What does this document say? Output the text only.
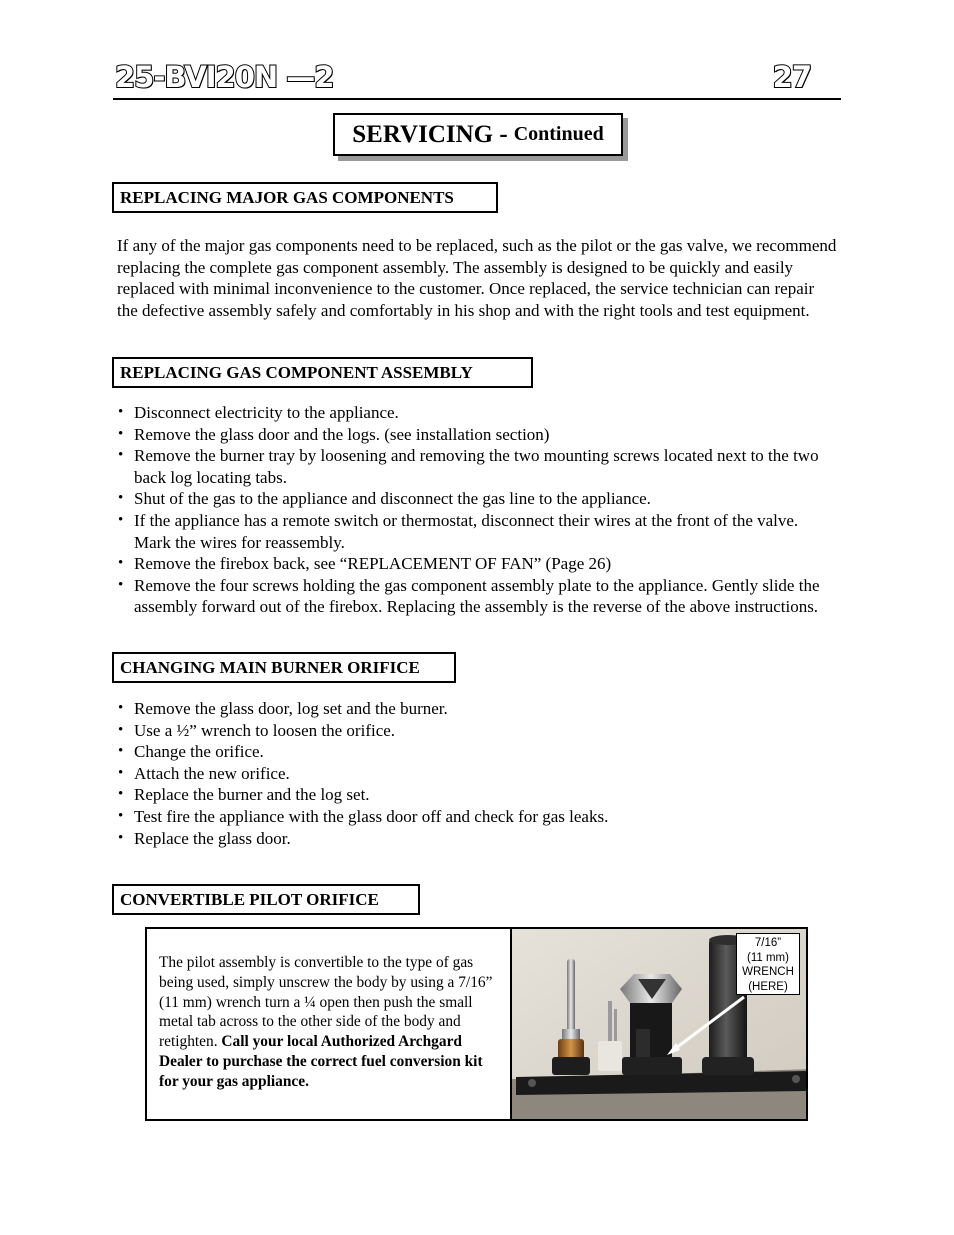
25-BVI20N —2	27
SERVICING - Continued
REPLACING MAJOR GAS COMPONENTS
If any of the major gas components need to be replaced, such as the pilot or the gas valve, we recommend replacing the complete gas component assembly. The assembly is designed to be quickly and easily replaced with minimal inconvenience to the customer. Once replaced, the service technician can repair the defective assembly safely and comfortably in his shop and with the right tools and test equipment.
REPLACING GAS COMPONENT ASSEMBLY
• Disconnect electricity to the appliance.
• Remove the glass door and the logs. (see installation section)
• Remove the burner tray by loosening and removing the two mounting screws located next to the two back log locating tabs.
• Shut of the gas to the appliance and disconnect the gas line to the appliance.
• If the appliance has a remote switch or thermostat, disconnect their wires at the front of the valve. Mark the wires for reassembly.
• Remove the firebox back, see “REPLACEMENT OF FAN” (Page 26)
• Remove the four screws holding the gas component assembly plate to the appliance. Gently slide the assembly forward out of the firebox. Replacing the assembly is the reverse of the above instructions.
CHANGING MAIN BURNER ORIFICE
• Remove the glass door, log set and the burner.
• Use a ½” wrench to loosen the orifice.
• Change the orifice.
• Attach the new orifice.
• Replace the burner and the log set.
• Test fire the appliance with the glass door off and check for gas leaks.
• Replace the glass door.
CONVERTIBLE PILOT ORIFICE
The pilot assembly is convertible to the type of gas being used, simply unscrew the body by using a 7/16” (11 mm) wrench turn a ¼ open then push the small metal tab across to the other side of the body and retighten. Call your local Authorized Archgard Dealer to purchase the correct fuel conversion kit for your gas appliance.
7/16”
(11 mm)
WRENCH
(HERE)
